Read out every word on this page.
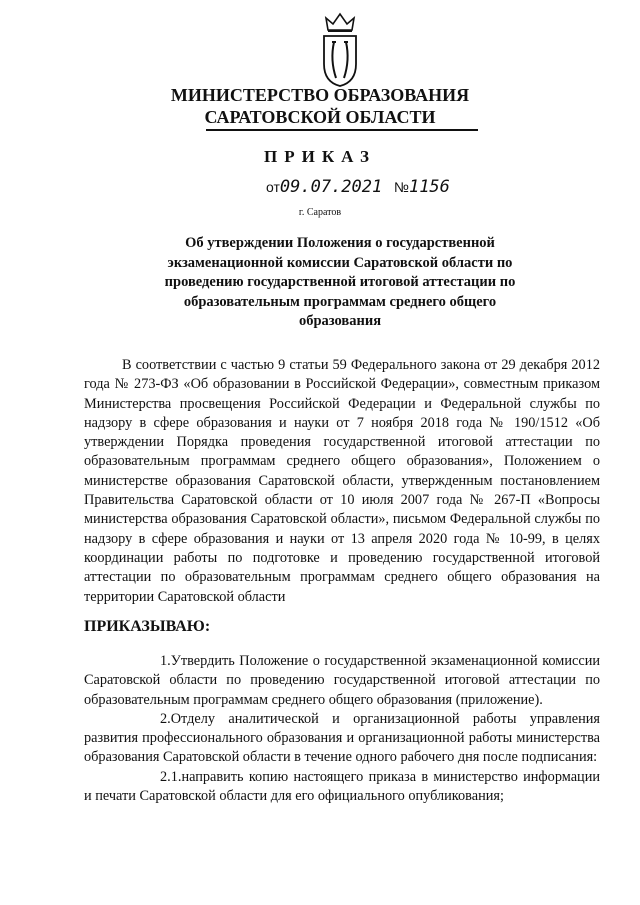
МИНИСТЕРСТВО ОБРАЗОВАНИЯ
САРАТОВСКОЙ ОБЛАСТИ
ПРИКАЗ
от09.07.2021 №1156
г. Саратов
Об утверждении Положения о государственной экзаменационной комиссии Саратовской области по проведению государственной итоговой аттестации по образовательным программам среднего общего образования

В соответствии с частью 9 статьи 59 Федерального закона от 29 декабря 2012 года № 273-ФЗ «Об образовании в Российской Федерации», совместным приказом Министерства просвещения Российской Федерации и Федеральной службы по надзору в сфере образования и науки от 7 ноября 2018 года № 190/1512 «Об утверждении Порядка проведения государственной итоговой аттестации по образовательным программам среднего общего образования», Положением о министерстве образования Саратовской области, утвержденным постановлением Правительства Саратовской области от 10 июля 2007 года № 267-П «Вопросы министерства образования Саратовской области», письмом Федеральной службы по надзору в сфере образования и науки от 13 апреля 2020 года № 10-99, в целях координации работы по подготовке и проведению государственной итоговой аттестации по образовательным программам среднего общего образования на территории Саратовской области

ПРИКАЗЫВАЮ:

1.Утвердить Положение о государственной экзаменационной комиссии Саратовской области по проведению государственной итоговой аттестации по образовательным программам среднего общего образования (приложение).

2.Отделу аналитической и организационной работы управления развития профессионального образования и организационной работы министерства образования Саратовской области в течение одного рабочего дня после подписания:

2.1.направить копию настоящего приказа в министерство информации и печати Саратовской области для его официального опубликования;
